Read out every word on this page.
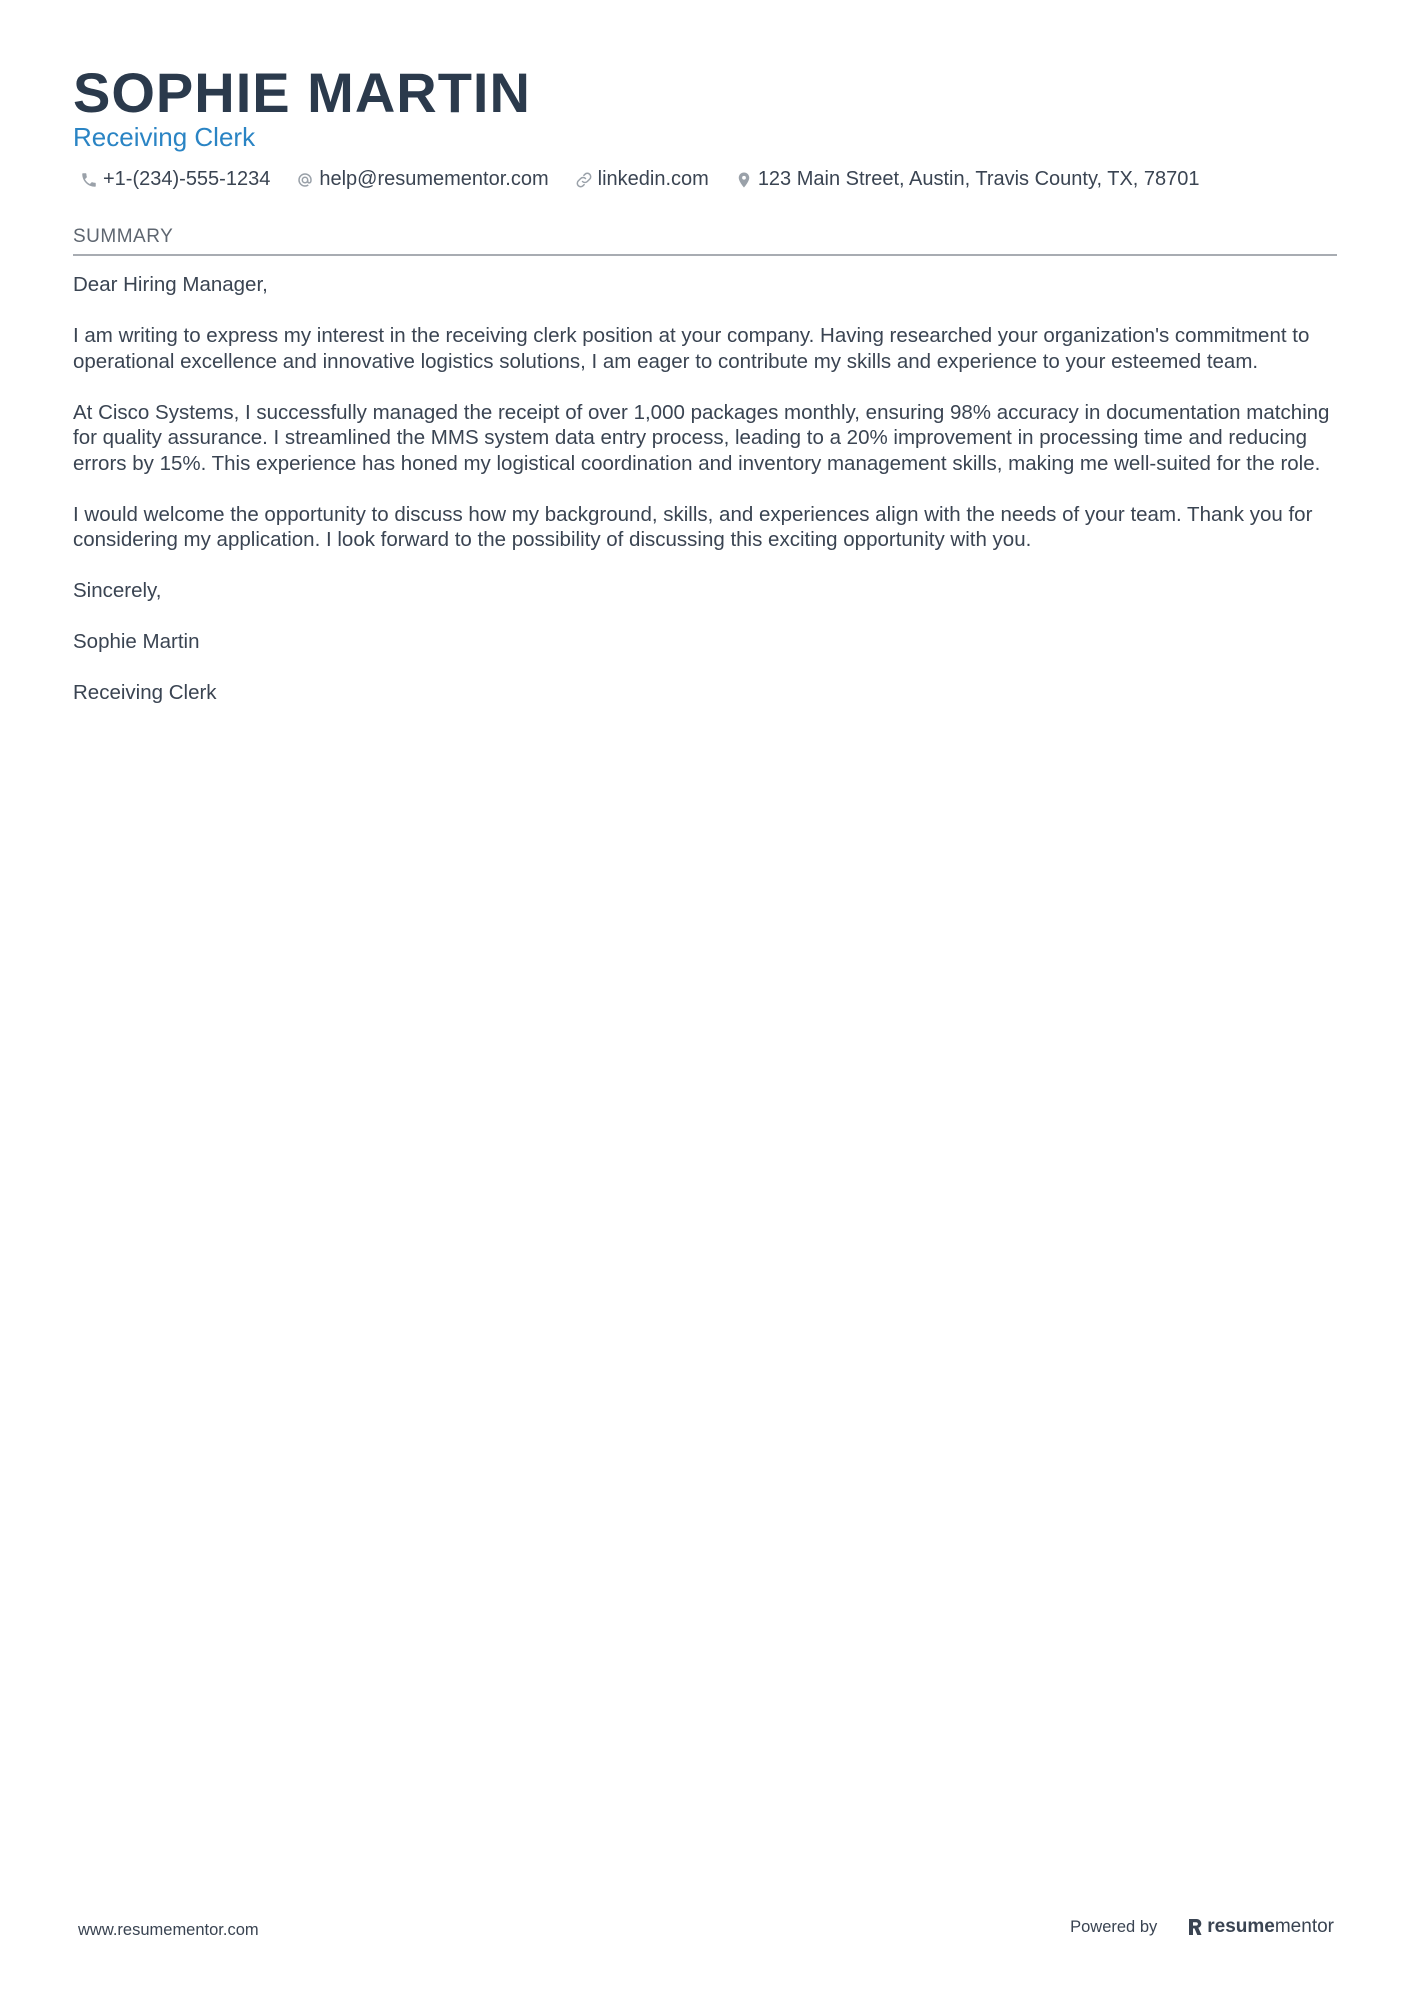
SOPHIE MARTIN
Receiving Clerk
+1-(234)-555-1234 help@resumementor.com linkedin.com 123 Main Street, Austin, Travis County, TX, 78701
SUMMARY

Dear Hiring Manager,

I am writing to express my interest in the receiving clerk position at your company. Having researched your organization's commitment to operational excellence and innovative logistics solutions, I am eager to contribute my skills and experience to your esteemed team.

At Cisco Systems, I successfully managed the receipt of over 1,000 packages monthly, ensuring 98% accuracy in documentation matching for quality assurance. I streamlined the MMS system data entry process, leading to a 20% improvement in processing time and reducing errors by 15%. This experience has honed my logistical coordination and inventory management skills, making me well-suited for the role.

I would welcome the opportunity to discuss how my background, skills, and experiences align with the needs of your team. Thank you for considering my application. I look forward to the possibility of discussing this exciting opportunity with you.

Sincerely,

Sophie Martin

Receiving Clerk

www.resumementor.com	Powered by	resume mentor
